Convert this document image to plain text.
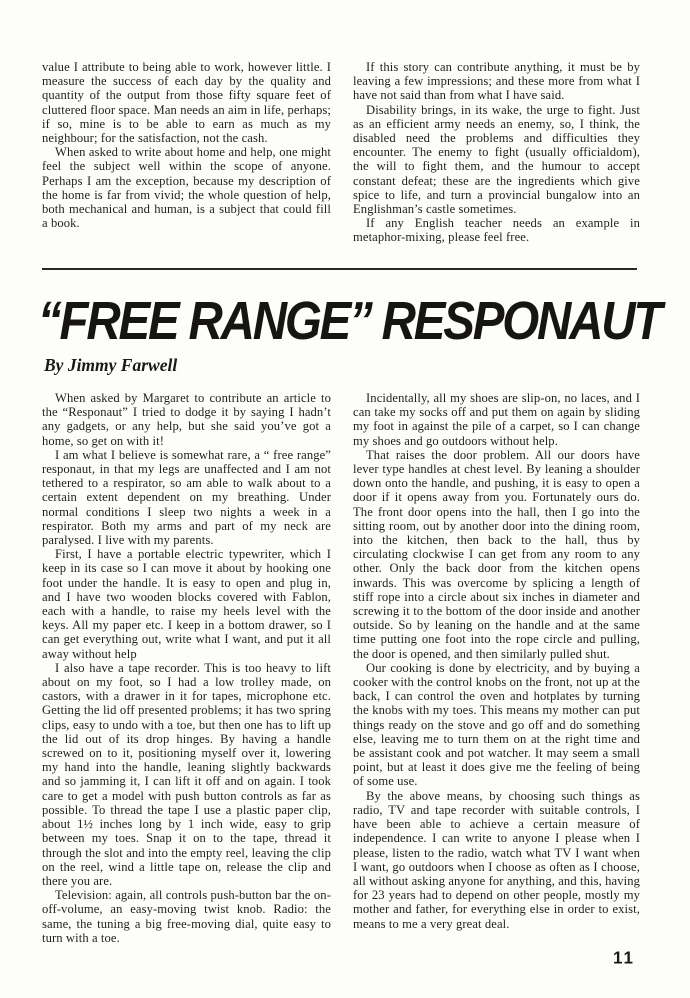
value I attribute to being able to work, however little. I measure the success of each day by the quality and quantity of the output from those fifty square feet of cluttered floor space. Man needs an aim in life, perhaps; if so, mine is to be able to earn as much as my neighbour; for the satisfaction, not the cash.

When asked to write about home and help, one might feel the subject well within the scope of anyone. Perhaps I am the exception, because my description of the home is far from vivid; the whole question of help, both mechanical and human, is a subject that could fill a book.

If this story can contribute anything, it must be by leaving a few impressions; and these more from what I have not said than from what I have said.

Disability brings, in its wake, the urge to fight. Just as an efficient army needs an enemy, so, I think, the disabled need the problems and difficulties they encounter. The enemy to fight (usually officialdom), the will to fight them, and the humour to accept constant defeat; these are the ingredients which give spice to life, and turn a provincial bungalow into an Englishman’s castle sometimes.

If any English teacher needs an example in metaphor-mixing, please feel free.

“FREE RANGE” RESPONAUT
By Jimmy Farwell

When asked by Margaret to contribute an article to the “Responaut” I tried to dodge it by saying I hadn’t any gadgets, or any help, but she said you’ve got a home, so get on with it!

I am what I believe is somewhat rare, a “ free range” responaut, in that my legs are unaffected and I am not tethered to a respirator, so am able to walk about to a certain extent dependent on my breathing. Under normal conditions I sleep two nights a week in a respirator. Both my arms and part of my neck are paralysed. I live with my parents.

First, I have a portable electric typewriter, which I keep in its case so I can move it about by hooking one foot under the handle. It is easy to open and plug in, and I have two wooden blocks covered with Fablon, each with a handle, to raise my heels level with the keys. All my paper etc. I keep in a bottom drawer, so I can get everything out, write what I want, and put it all away without help

I also have a tape recorder. This is too heavy to lift about on my foot, so I had a low trolley made, on castors, with a drawer in it for tapes, microphone etc. Getting the lid off presented problems; it has two spring clips, easy to undo with a toe, but then one has to lift up the lid out of its drop hinges. By having a handle screwed on to it, positioning myself over it, lowering my hand into the handle, leaning slightly backwards and so jamming it, I can lift it off and on again. I took care to get a model with push button controls as far as possible. To thread the tape I use a plastic paper clip, about 1½ inches long by 1 inch wide, easy to grip between my toes. Snap it on to the tape, thread it through the slot and into the empty reel, leaving the clip on the reel, wind a little tape on, release the clip and there you are.

Television: again, all controls push-button bar the on-off-volume, an easy-moving twist knob. Radio: the same, the tuning a big free-moving dial, quite easy to turn with a toe.

Incidentally, all my shoes are slip-on, no laces, and I can take my socks off and put them on again by sliding my foot in against the pile of a carpet, so I can change my shoes and go outdoors without help.

That raises the door problem. All our doors have lever type handles at chest level. By leaning a shoulder down onto the handle, and pushing, it is easy to open a door if it opens away from you. Fortunately ours do. The front door opens into the hall, then I go into the sitting room, out by another door into the dining room, into the kitchen, then back to the hall, thus by circulating clockwise I can get from any room to any other. Only the back door from the kitchen opens inwards. This was overcome by splicing a length of stiff rope into a circle about six inches in diameter and screwing it to the bottom of the door inside and another outside. So by leaning on the handle and at the same time putting one foot into the rope circle and pulling, the door is opened, and then similarly pulled shut.

Our cooking is done by electricity, and by buying a cooker with the control knobs on the front, not up at the back, I can control the oven and hotplates by turning the knobs with my toes. This means my mother can put things ready on the stove and go off and do something else, leaving me to turn them on at the right time and be assistant cook and pot watcher. It may seem a small point, but at least it does give me the feeling of being of some use.

By the above means, by choosing such things as radio, TV and tape recorder with suitable controls, I have been able to achieve a certain measure of independence. I can write to anyone I please when I please, listen to the radio, watch what TV I want when I want, go outdoors when I choose as often as I choose, all without asking anyone for anything, and this, having for 23 years had to depend on other people, mostly my mother and father, for everything else in order to exist, means to me a very great deal.

11
